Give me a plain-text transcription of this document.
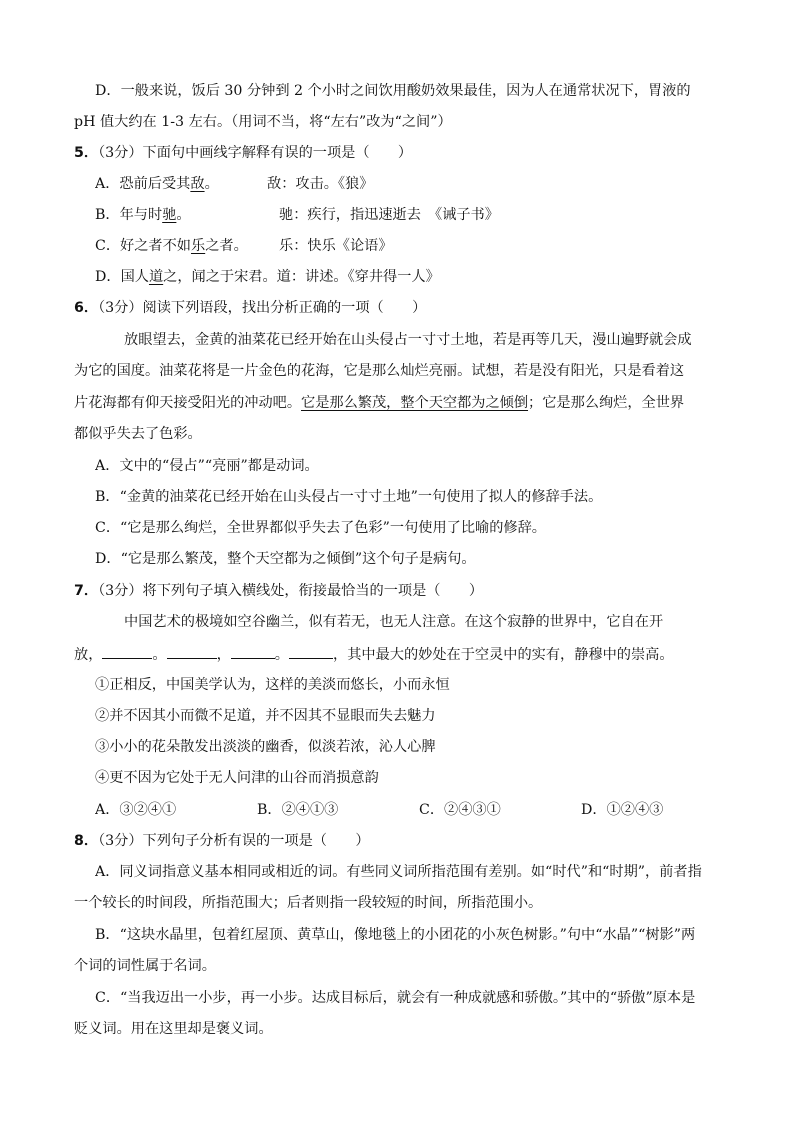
D．一般来说，饭后 30 分钟到 2 个小时之间饮用酸奶效果最佳，因为人在通常状况下，胃液的
pH 值大约在 1-3 左右。（用词不当，将“左右”改为“之间”）
5．（3分）下面句中画线字解释有误的一项是（　　）
A．恐前后受其敌。	敌：攻击。《狼》
B．年与时驰。	驰：疾行，指迅速逝去　《诫子书》
C．好之者不如乐之者。 乐：快乐《论语》
D．国人道之，闻之于宋君。道：讲述。《穿井得一人》
6．（3分）阅读下列语段，找出分析正确的一项（　　）
放眼望去，金黄的油菜花已经开始在山头侵占一寸寸土地，若是再等几天，漫山遍野就会成
为它的国度。油菜花将是一片金色的花海，它是那么灿烂亮丽。试想，若是没有阳光，只是看着这
片花海都有仰天接受阳光的冲动吧。它是那么繁茂，整个天空都为之倾倒；它是那么绚烂，全世界
都似乎失去了色彩。
A．文中的“侵占”“亮丽”都是动词。
B．“金黄的油菜花已经开始在山头侵占一寸寸土地”一句使用了拟人的修辞手法。
C．“它是那么绚烂，全世界都似乎失去了色彩”一句使用了比喻的修辞。
D．“它是那么繁茂，整个天空都为之倾倒”这个句子是病句。
7．（3分）将下列句子填入横线处，衔接最恰当的一项是（　　）
中国艺术的极境如空谷幽兰，似有若无，也无人注意。在这个寂静的世界中，它自在开
放，	。	，	。	，其中最大的妙处在于空灵中的实有，静穆中的崇高。
①正相反，中国美学认为，这样的美淡而悠长，小而永恒
②并不因其小而微不足道，并不因其不显眼而失去魅力
③小小的花朵散发出淡淡的幽香，似淡若浓，沁人心脾
④更不因为它处于无人问津的山谷而消损意韵
A．③②④①	B．②④①③	C．②④③①	D．①②④③
8．（3分）下列句子分析有误的一项是（　　）
A．同义词指意义基本相同或相近的词。有些同义词所指范围有差别。如“时代”和“时期”，前者指
一个较长的时间段，所指范围大；后者则指一段较短的时间，所指范围小。
B．“这块水晶里，包着红屋顶、黄草山，像地毯上的小团花的小灰色树影。”句中“水晶”“树影”两
个词的词性属于名词。
C．“当我迈出一小步，再一小步。达成目标后，就会有一种成就感和骄傲。”其中的“骄傲”原本是
贬义词。用在这里却是褒义词。
